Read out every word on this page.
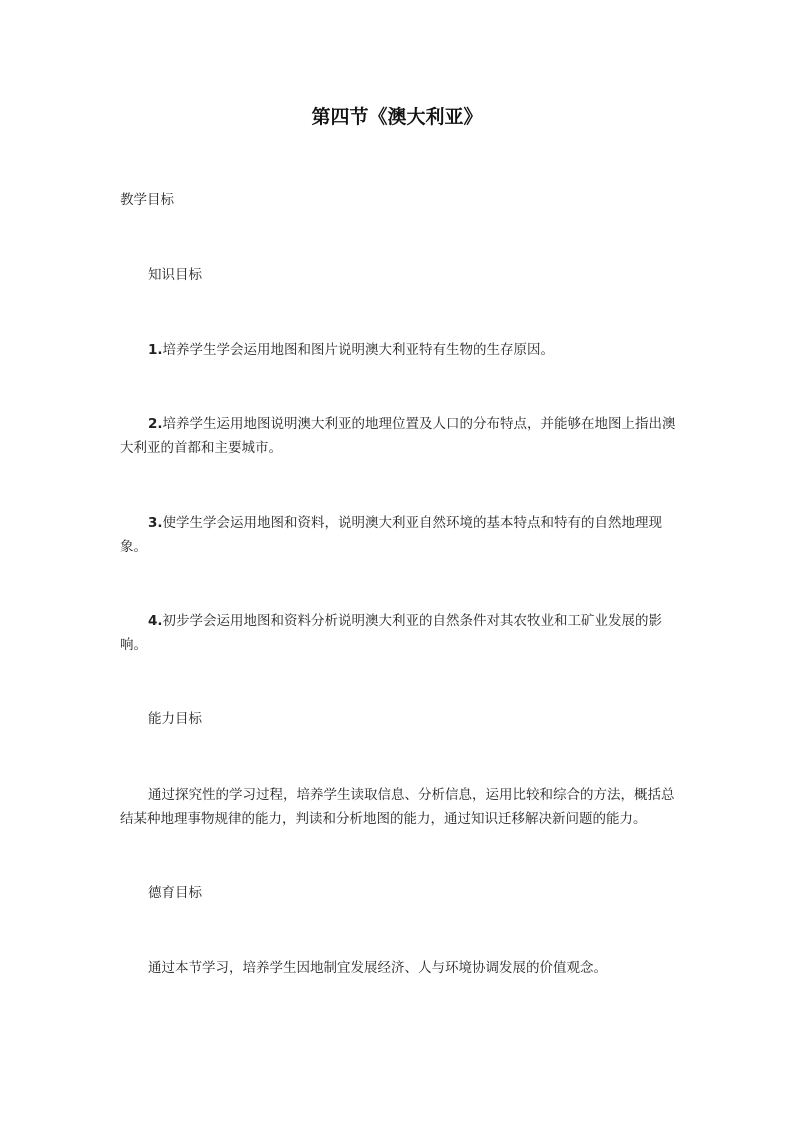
第四节《澳大利亚》

教学目标

知识目标

1.培养学生学会运用地图和图片说明澳大利亚特有生物的生存原因。

2.培养学生运用地图说明澳大利亚的地理位置及人口的分布特点，并能够在地图上指出澳大利亚的首都和主要城市。

3.使学生学会运用地图和资料，说明澳大利亚自然环境的基本特点和特有的自然地理现象。

4.初步学会运用地图和资料分析说明澳大利亚的自然条件对其农牧业和工矿业发展的影响。

能力目标

通过探究性的学习过程，培养学生读取信息、分析信息，运用比较和综合的方法，概括总结某种地理事物规律的能力，判读和分析地图的能力，通过知识迁移解决新问题的能力。

德育目标

通过本节学习，培养学生因地制宜发展经济、人与环境协调发展的价值观念。
